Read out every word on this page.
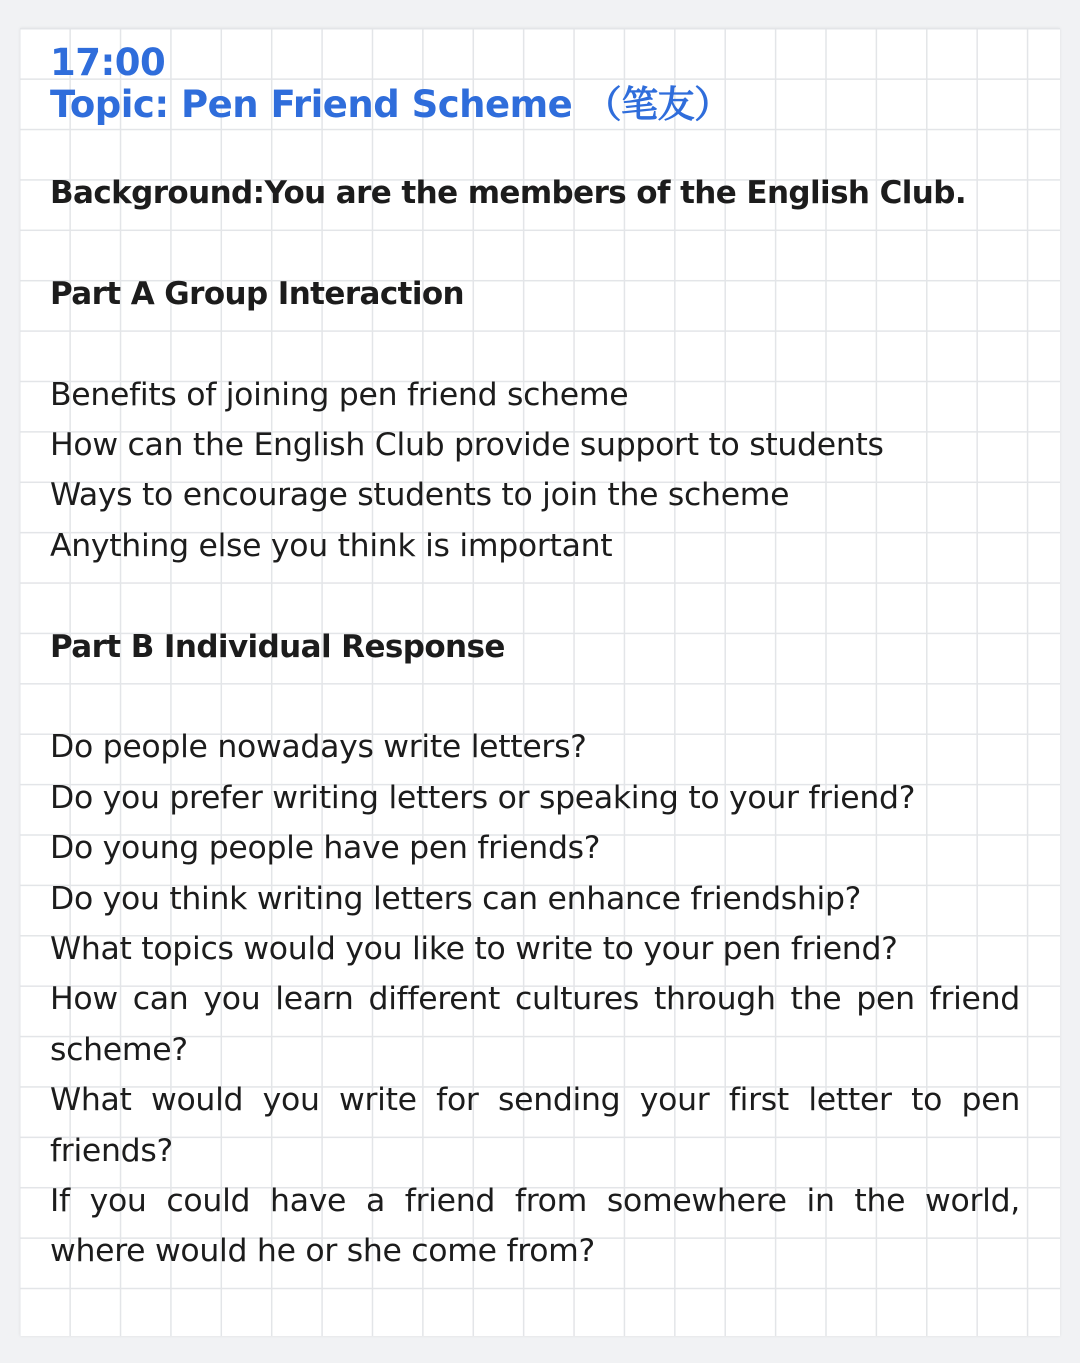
17:00
Topic: Pen Friend Scheme （笔友）
Background:You are the members of the English Club.
Part A Group Interaction
Benefits of joining pen friend scheme
How can the English Club provide support to students
Ways to encourage students to join the scheme
Anything else you think is important
Part B Individual Response
Do people nowadays write letters?
Do you prefer writing letters or speaking to your friend?
Do young people have pen friends?
Do you think writing letters can enhance friendship?
What topics would you like to write to your pen friend?
How can you learn different cultures through the pen friend scheme?
What would you write for sending your first letter to pen friends?
If you could have a friend from somewhere in the world, where would he or she come from?
